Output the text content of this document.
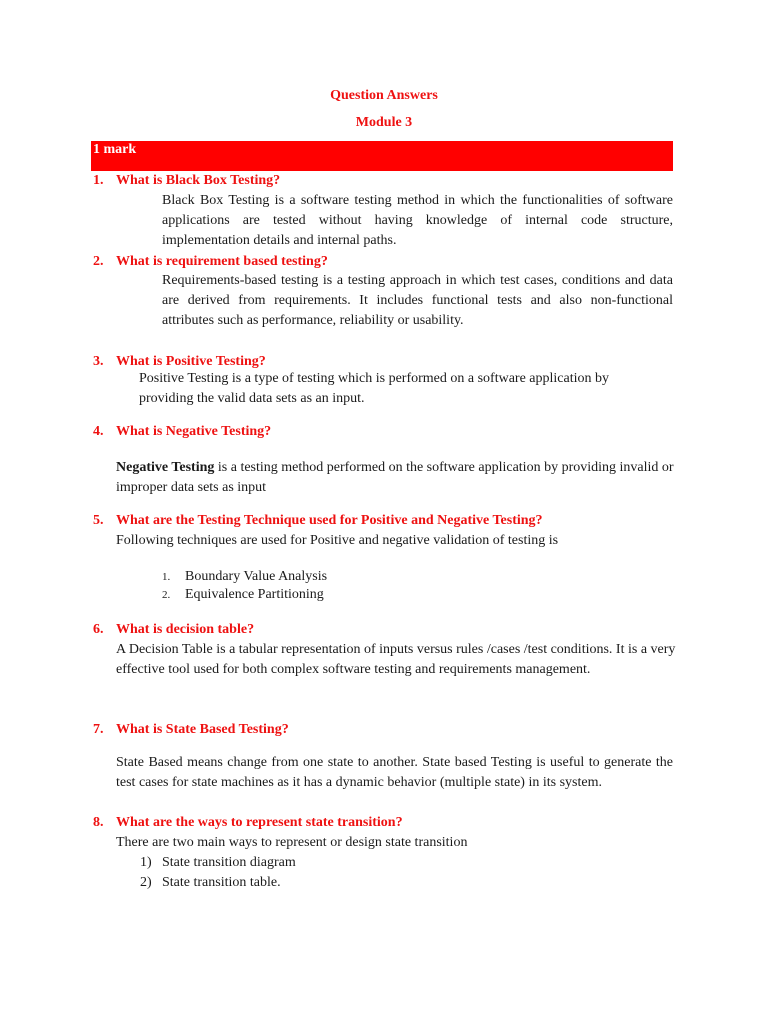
Question Answers
Module 3
1 mark
1. What is Black Box Testing?
Black Box Testing is a software testing method in which the functionalities of software applications are tested without having knowledge of internal code structure, implementation details and internal paths.
2. What is requirement based testing?
Requirements-based testing is a testing approach in which test cases, conditions and data are derived from requirements. It includes functional tests and also non-functional attributes such as performance, reliability or usability.
3. What is Positive Testing?
Positive Testing is a type of testing which is performed on a software application by providing the valid data sets as an input.
4. What is Negative Testing?
Negative Testing is a testing method performed on the software application by providing invalid or improper data sets as input
5. What are the Testing Technique used for Positive and Negative Testing?
Following techniques are used for Positive and negative validation of testing is
1. Boundary Value Analysis
2. Equivalence Partitioning
6. What is decision table?
A Decision Table is a tabular representation of inputs versus rules /cases /test conditions. It is a very effective tool used for both complex software testing and requirements management.
7. What is State Based Testing?
State Based means change from one state to another. State based Testing is useful to generate the test cases for state machines as it has a dynamic behavior (multiple state) in its system.
8. What are the ways to represent state transition?
There are two main ways to represent or design state transition
1) State transition diagram
2) State transition table.
